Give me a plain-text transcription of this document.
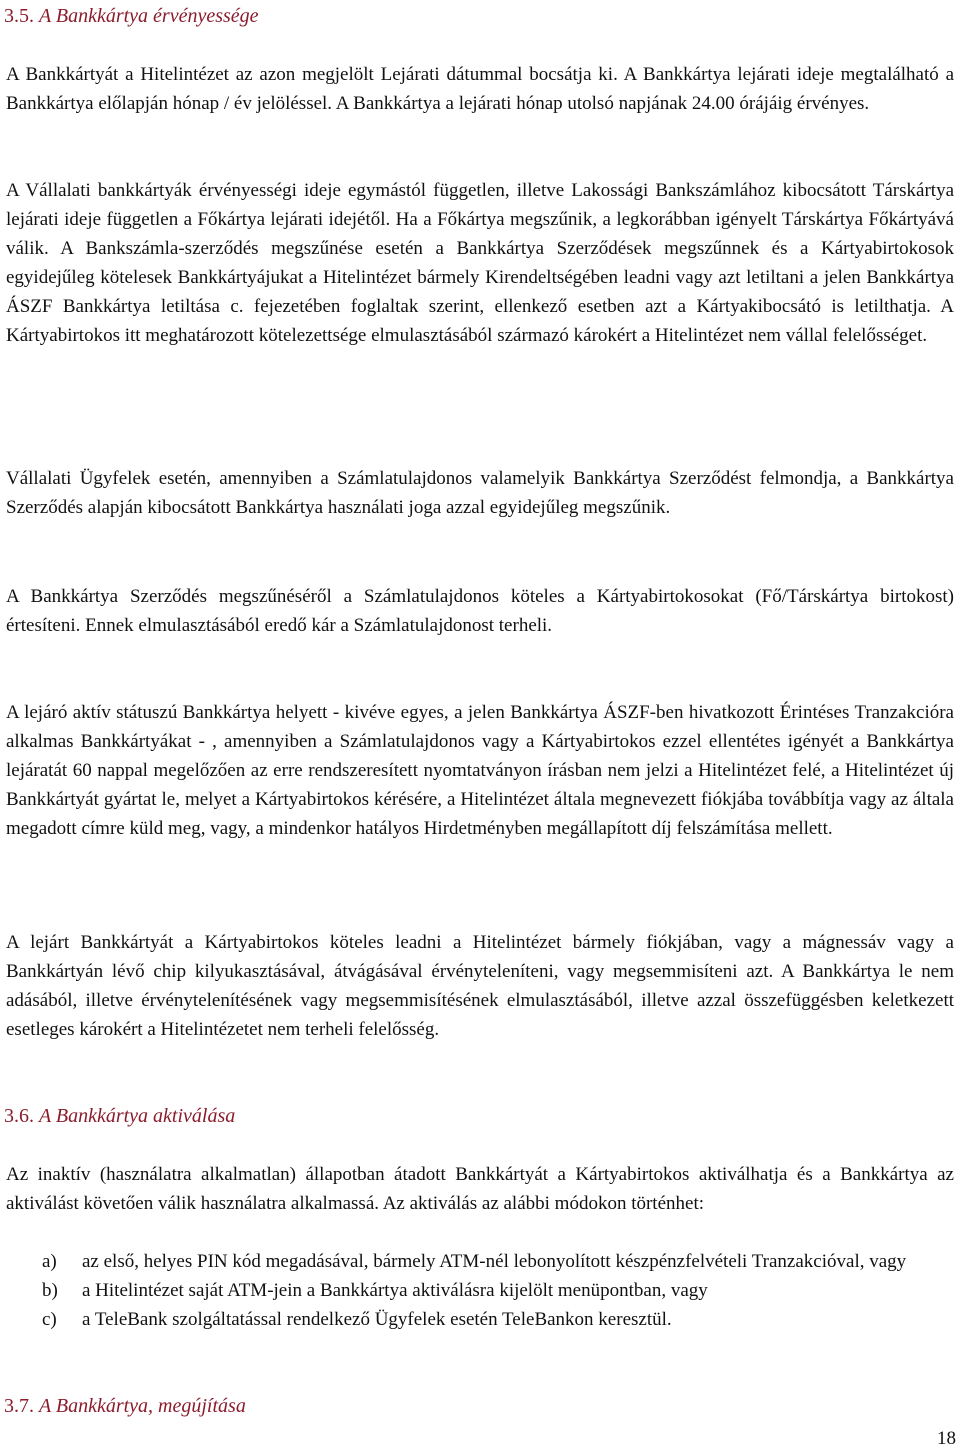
3.5. A Bankkártya érvényessége

A Bankkártyát a Hitelintézet az azon megjelölt Lejárati dátummal bocsátja ki. A Bankkártya lejárati ideje megtalálható a Bankkártya előlapján hónap / év jelöléssel. A Bankkártya a lejárati hónap utolsó napjának 24.00 órájáig érvényes.

A Vállalati bankkártyák érvényességi ideje egymástól független, illetve Lakossági Bankszámlához kibocsátott Társkártya lejárati ideje független a Főkártya lejárati idejétől. Ha a Főkártya megszűnik, a legkorábban igényelt Társkártya Főkártyává válik. A Bankszámla-szerződés megszűnése esetén a Bankkártya Szerződések megszűnnek és a Kártyabirtokosok egyidejűleg kötelesek Bankkártyájukat a Hitelintézet bármely Kirendeltségében leadni vagy azt letiltani a jelen Bankkártya ÁSZF Bankkártya letiltása c. fejezetében foglaltak szerint, ellenkező esetben azt a Kártyakibocsátó is letilthatja. A Kártyabirtokos itt meghatározott kötelezettsége elmulasztásából származó károkért a Hitelintézet nem vállal felelősséget.

Vállalati Ügyfelek esetén, amennyiben a Számlatulajdonos valamelyik Bankkártya Szerződést felmondja, a Bankkártya Szerződés alapján kibocsátott Bankkártya használati joga azzal egyidejűleg megszűnik.

A Bankkártya Szerződés megszűnéséről a Számlatulajdonos köteles a Kártyabirtokosokat (Fő/Társkártya birtokost) értesíteni. Ennek elmulasztásából eredő kár a Számlatulajdonost terheli.

A lejáró aktív státuszú Bankkártya helyett - kivéve egyes, a jelen Bankkártya ÁSZF-ben hivatkozott Érintéses Tranzakcióra alkalmas Bankkártyákat - , amennyiben a Számlatulajdonos vagy a Kártyabirtokos ezzel ellentétes igényét a Bankkártya lejáratát 60 nappal megelőzően az erre rendszeresített nyomtatványon írásban nem jelzi a Hitelintézet felé, a Hitelintézet új Bankkártyát gyártat le, melyet a Kártyabirtokos kérésére, a Hitelintézet általa megnevezett fiókjába továbbítja vagy az általa megadott címre küld meg, vagy, a mindenkor hatályos Hirdetményben megállapított díj felszámítása mellett.

A lejárt Bankkártyát a Kártyabirtokos köteles leadni a Hitelintézet bármely fiókjában, vagy a mágnessáv vagy a Bankkártyán lévő chip kilyukasztásával, átvágásával érvényteleníteni, vagy megsemmisíteni azt. A Bankkártya le nem adásából, illetve érvénytelenítésének vagy megsemmisítésének elmulasztásából, illetve azzal összefüggésben keletkezett esetleges károkért a Hitelintézetet nem terheli felelősség.

3.6. A Bankkártya aktiválása

Az inaktív (használatra alkalmatlan) állapotban átadott Bankkártyát a Kártyabirtokos aktiválhatja és a Bankkártya az aktiválást követően válik használatra alkalmassá. Az aktiválás az alábbi módokon történhet:

a)	az első, helyes PIN kód megadásával, bármely ATM-nél lebonyolított készpénzfelvételi Tranzakcióval, vagy

b)	a Hitelintézet saját ATM-jein a Bankkártya aktiválásra kijelölt menüpontban, vagy

c)	a TeleBank szolgáltatással rendelkező Ügyfelek esetén TeleBankon keresztül.

3.7. A Bankkártya, megújítása
18
